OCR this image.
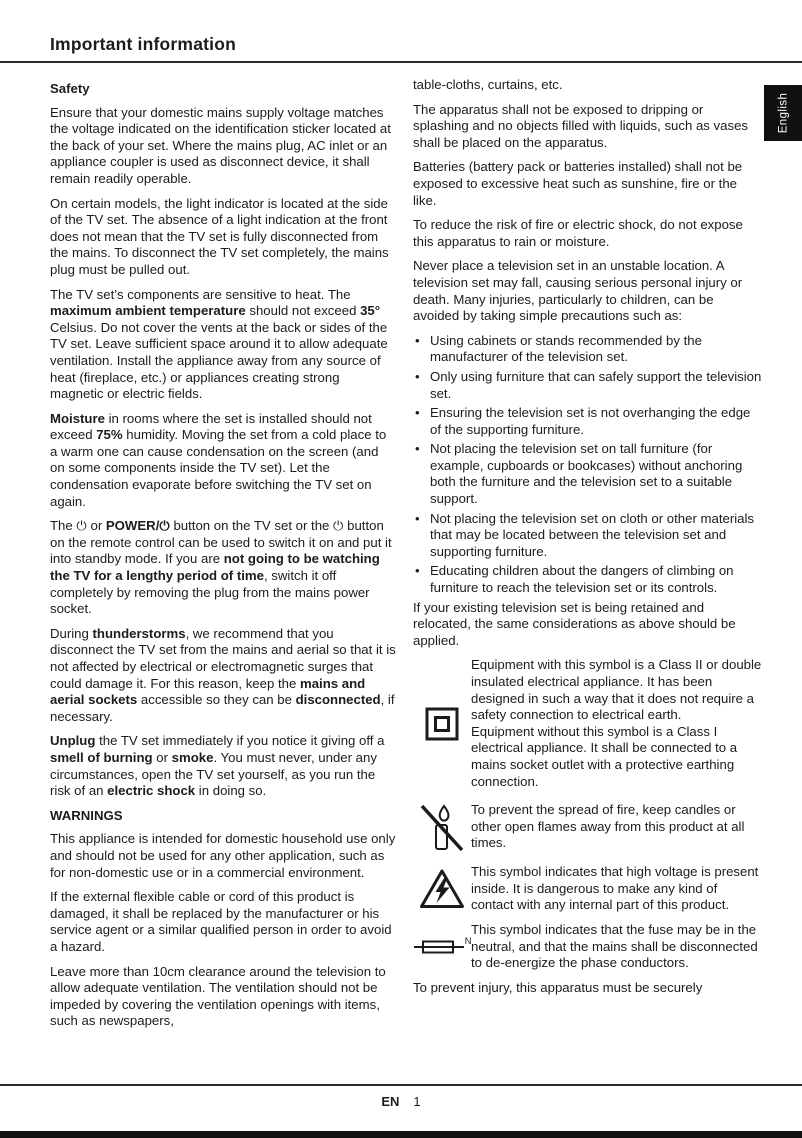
Important information
English
Safety
Ensure that your domestic mains supply voltage matches the voltage indicated on the identification sticker located at the back of your set. Where the mains plug, AC inlet or an appliance coupler is used as disconnect device, it shall remain readily operable.
On certain models, the light indicator is located at the side of the TV set. The absence of a light indication at the front does not mean that the TV set is fully disconnected from the mains. To disconnect the TV set completely, the mains plug must be pulled out.
The TV set’s components are sensitive to heat. The maximum ambient temperature should not exceed 35° Celsius. Do not cover the vents at the back or sides of the TV set. Leave sufficient space around it to allow adequate ventilation. Install the appliance away from any source of heat (fireplace, etc.) or appliances creating strong magnetic or electric fields.
Moisture in rooms where the set is installed should not exceed 75% humidity. Moving the set from a cold place to a warm one can cause condensation on the screen (and on some components inside the TV set). Let the condensation evaporate before switching the TV set on again.
The ⏻ or POWER/⏻ button on the TV set or the ⏻ button on the remote control can be used to switch it on and put it into standby mode. If you are not going to be watching the TV for a lengthy period of time, switch it off completely by removing the plug from the mains power socket.
During thunderstorms, we recommend that you disconnect the TV set from the mains and aerial so that it is not affected by electrical or electromagnetic surges that could damage it. For this reason, keep the mains and aerial sockets accessible so they can be disconnected, if necessary.
Unplug the TV set immediately if you notice it giving off a smell of burning or smoke. You must never, under any circumstances, open the TV set yourself, as you run the risk of an electric shock in doing so.
WARNINGS
This appliance is intended for domestic household use only and should not be used for any other application, such as for non-domestic use or in a commercial environment.
If the external flexible cable or cord of this product is damaged, it shall be replaced by the manufacturer or his service agent or a similar qualified person in order to avoid a hazard.
Leave more than 10cm clearance around the television to allow adequate ventilation. The ventilation should not be impeded by covering the ventilation openings with items, such as newspapers,
table-cloths, curtains, etc.
The apparatus shall not be exposed to dripping or splashing and no objects filled with liquids, such as vases shall be placed on the apparatus.
Batteries (battery pack or batteries installed) shall not be exposed to excessive heat such as sunshine, fire or the like.
To reduce the risk of fire or electric shock, do not expose this apparatus to rain or moisture.
Never place a television set in an unstable location. A television set may fall, causing serious personal injury or death. Many injuries, particularly to children, can be avoided by taking simple precautions such as:
• Using cabinets or stands recommended by the manufacturer of the television set.
• Only using furniture that can safely support the television set.
• Ensuring the television set is not overhanging the edge of the supporting furniture.
• Not placing the television set on tall furniture (for example, cupboards or bookcases) without anchoring both the furniture and the television set to a suitable support.
• Not placing the television set on cloth or other materials that may be located between the television set and supporting furniture.
• Educating children about the dangers of climbing on furniture to reach the television set or its controls.
If your existing television set is being retained and relocated, the same considerations as above should be applied.
Equipment with this symbol is a Class II or double insulated electrical appliance. It has been designed in such a way that it does not require a safety connection to electrical earth.
Equipment without this symbol is a Class I electrical appliance. It shall be connected to a mains socket outlet with a protective earthing connection.
To prevent the spread of fire, keep candles or other open flames away from this product at all times.
This symbol indicates that high voltage is present inside. It is dangerous to make any kind of contact with any internal part of this product.
$^N$
This symbol indicates that the fuse may be in the neutral, and that the mains shall be disconnected to de-energize the phase conductors.
To prevent injury, this apparatus must be securely
EN 1
